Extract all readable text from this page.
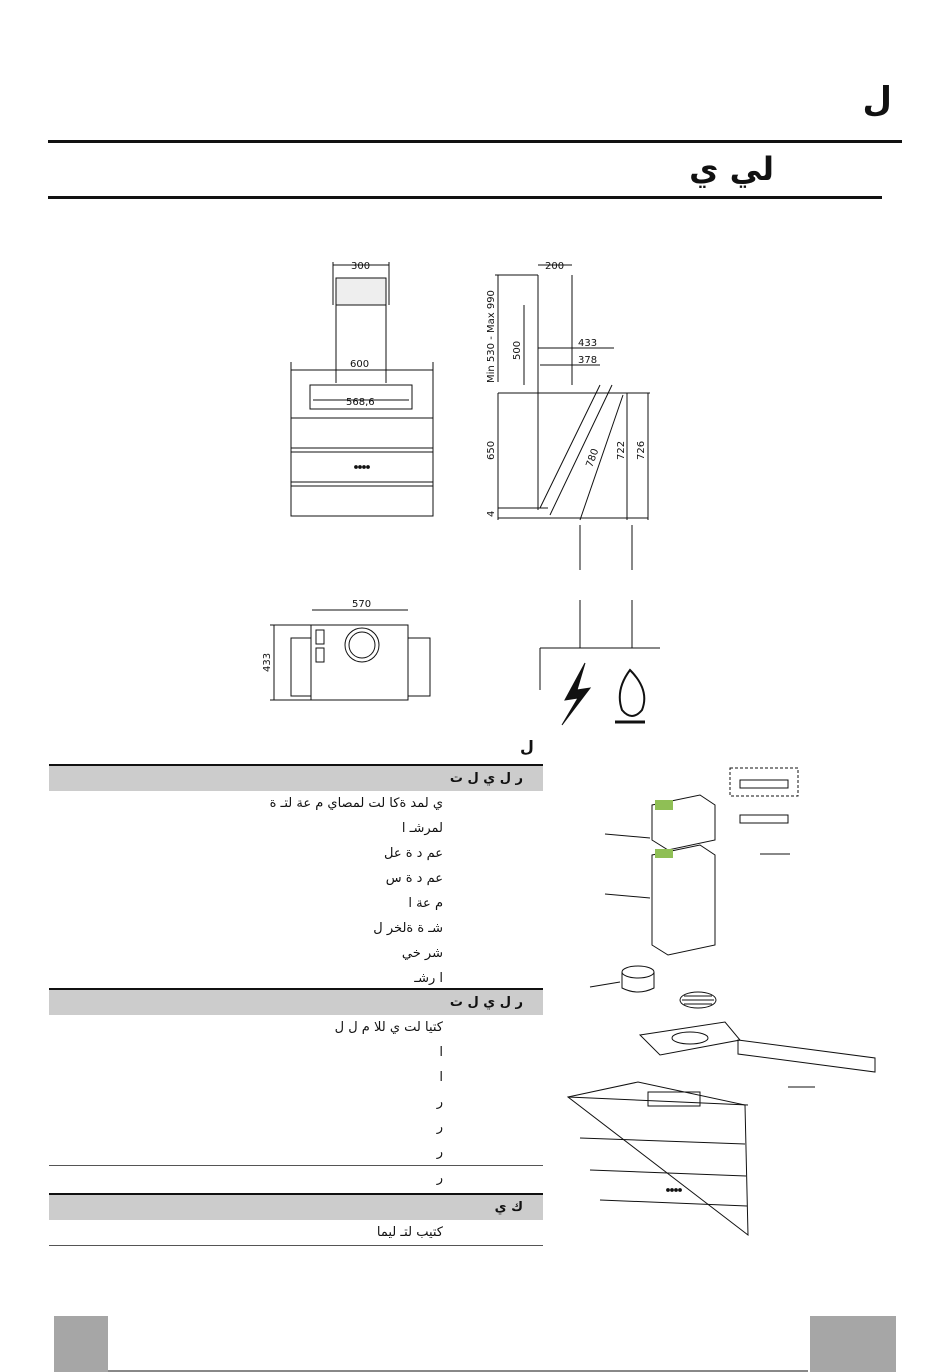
ل
لي ي
300
600
568,6
200
Min 530 - Max 990 500	433
378
650	780 722 726
4
570
433
ل
ر ل ي ل ت
ي لمد ةكا لت لمصاي م عة لتـ ة
لمرشـ ا
عم د ة عل
عم د ة س
م عة ا
شـ ة ةلخر ل
شر خي
ا رشـ
ر ل ي ل ت
كتيا لت ي للا م ل ل
ا
ا
ر
ر
ر
ر
ك ي
كتيب لتـ ليما
